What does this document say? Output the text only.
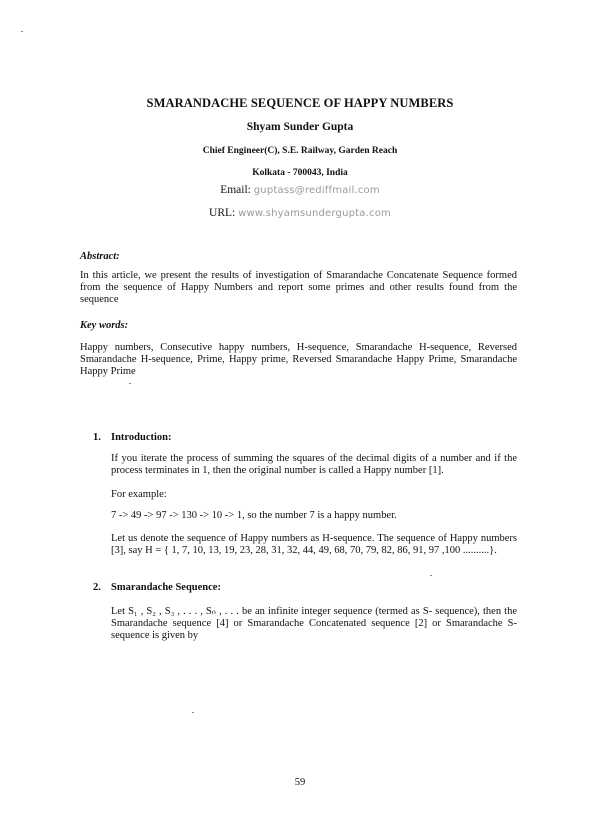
SMARANDACHE SEQUENCE OF HAPPY NUMBERS
Shyam Sunder Gupta
Chief Engineer(C), S.E. Railway, Garden Reach
Kolkata - 700043, India
Email: guptass@rediffmail.com
URL: www.shyamsundergupta.com
Abstract:
In this article, we present the results of investigation of Smarandache Concatenate Sequence formed from the sequence of Happy Numbers and report some primes and other results found from the sequence
Key words:
Happy numbers, Consecutive happy numbers, H-sequence, Smarandache H-sequence, Reversed Smarandache H-sequence, Prime, Happy prime, Reversed Smarandache Happy Prime, Smarandache Happy Prime
1. Introduction:
If you iterate the process of summing the squares of the decimal digits of a number and if the process terminates in 1, then the original number is called a Happy number [1].
For example:
7 -> 49 -> 97 -> 130 -> 10 -> 1, so the number 7 is a happy number.
Let us denote the sequence of Happy numbers as H-sequence. The sequence of Happy numbers [3], say H = { 1, 7, 10, 13, 19, 23, 28, 31, 32, 44, 49, 68, 70, 79, 82, 86, 91, 97 ,100 ..........}.
2. Smarandache Sequence:
Let S₁ , S₂ , S₃ , . . . , Sₙ , . . . be an infinite integer sequence (termed as S- sequence), then the Smarandache sequence [4] or Smarandache Concatenated sequence [2] or Smarandache S-sequence is given by
59
